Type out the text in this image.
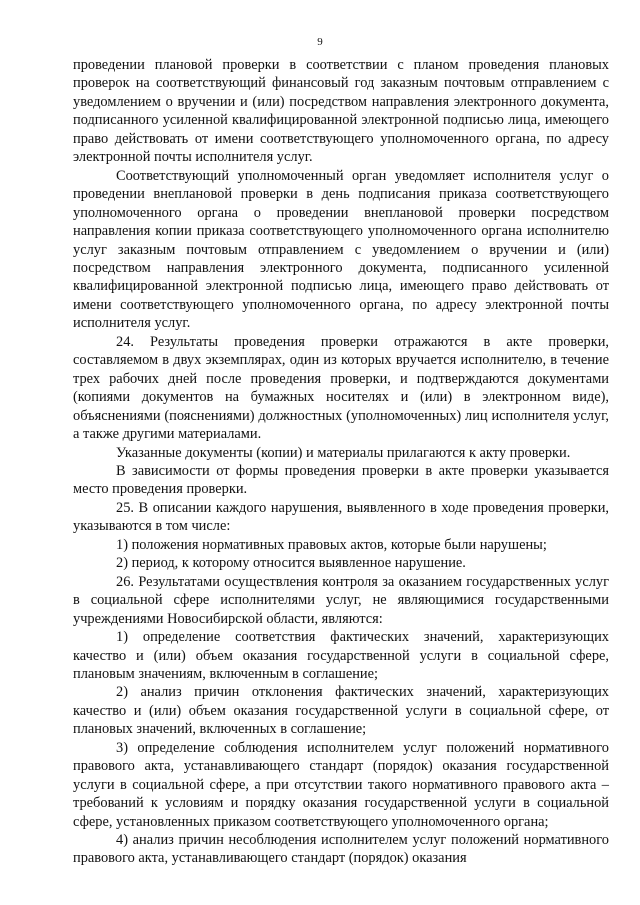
9

проведении плановой проверки в соответствии с планом проведения плановых проверок на соответствующий финансовый год заказным почтовым отправлением с уведомлением о вручении и (или) посредством направления электронного документа, подписанного усиленной квалифицированной электронной подписью лица, имеющего право действовать от имени соответствующего уполномоченного органа, по адресу электронной почты исполнителя услуг.

Соответствующий уполномоченный орган уведомляет исполнителя услуг о проведении внеплановой проверки в день подписания приказа соответствующего уполномоченного органа о проведении внеплановой проверки посредством направления копии приказа соответствующего уполномоченного органа исполнителю услуг заказным почтовым отправлением с уведомлением о вручении и (или) посредством направления электронного документа, подписанного усиленной квалифицированной электронной подписью лица, имеющего право действовать от имени соответствующего уполномоченного органа, по адресу электронной почты исполнителя услуг.

24. Результаты проведения проверки отражаются в акте проверки, составляемом в двух экземплярах, один из которых вручается исполнителю, в течение трех рабочих дней после проведения проверки, и подтверждаются документами (копиями документов на бумажных носителях и (или) в электронном виде), объяснениями (пояснениями) должностных (уполномоченных) лиц исполнителя услуг, а также другими материалами.

Указанные документы (копии) и материалы прилагаются к акту проверки.

В зависимости от формы проведения проверки в акте проверки указывается место проведения проверки.

25. В описании каждого нарушения, выявленного в ходе проведения проверки, указываются в том числе:

1) положения нормативных правовых актов, которые были нарушены;

2) период, к которому относится выявленное нарушение.

26. Результатами осуществления контроля за оказанием государственных услуг в социальной сфере исполнителями услуг, не являющимися государственными учреждениями Новосибирской области, являются:

1) определение соответствия фактических значений, характеризующих качество и (или) объем оказания государственной услуги в социальной сфере, плановым значениям, включенным в соглашение;

2) анализ причин отклонения фактических значений, характеризующих качество и (или) объем оказания государственной услуги в социальной сфере, от плановых значений, включенных в соглашение;

3) определение соблюдения исполнителем услуг положений нормативного правового акта, устанавливающего стандарт (порядок) оказания государственной услуги в социальной сфере, а при отсутствии такого нормативного правового акта – требований к условиям и порядку оказания государственной услуги в социальной сфере, установленных приказом соответствующего уполномоченного органа;

4) анализ причин несоблюдения исполнителем услуг положений нормативного правового акта, устанавливающего стандарт (порядок) оказания
